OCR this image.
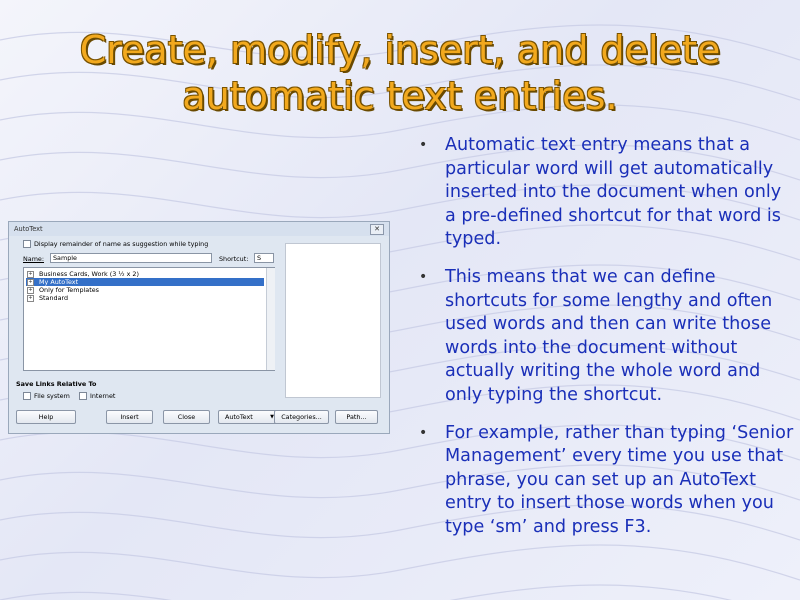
Create, modify, insert, and delete
automatic text entries.
• Automatic text entry means that a particular word will get automatically inserted into the document when only a pre-defined shortcut for that word is typed.
• This means that we can define shortcuts for some lengthy and often used words and then can write those words into the document without actually writing the whole word and only typing the shortcut.
• For example, rather than typing ‘Senior Management’ every time you use that phrase, you can set up an AutoText entry to insert those words when you type ‘sm’ and press F3.
AutoText	✕
Display remainder of name as suggestion while typing
Name:	Sample	Shortcut:	S
+ Business Cards, Work (3 ½ x 2)
+ My AutoText
+ Only for Templates
+ Standard
Save Links Relative To
File system	Internet
Help	Insert	Close	AutoText	▼	Categories...	Path...
